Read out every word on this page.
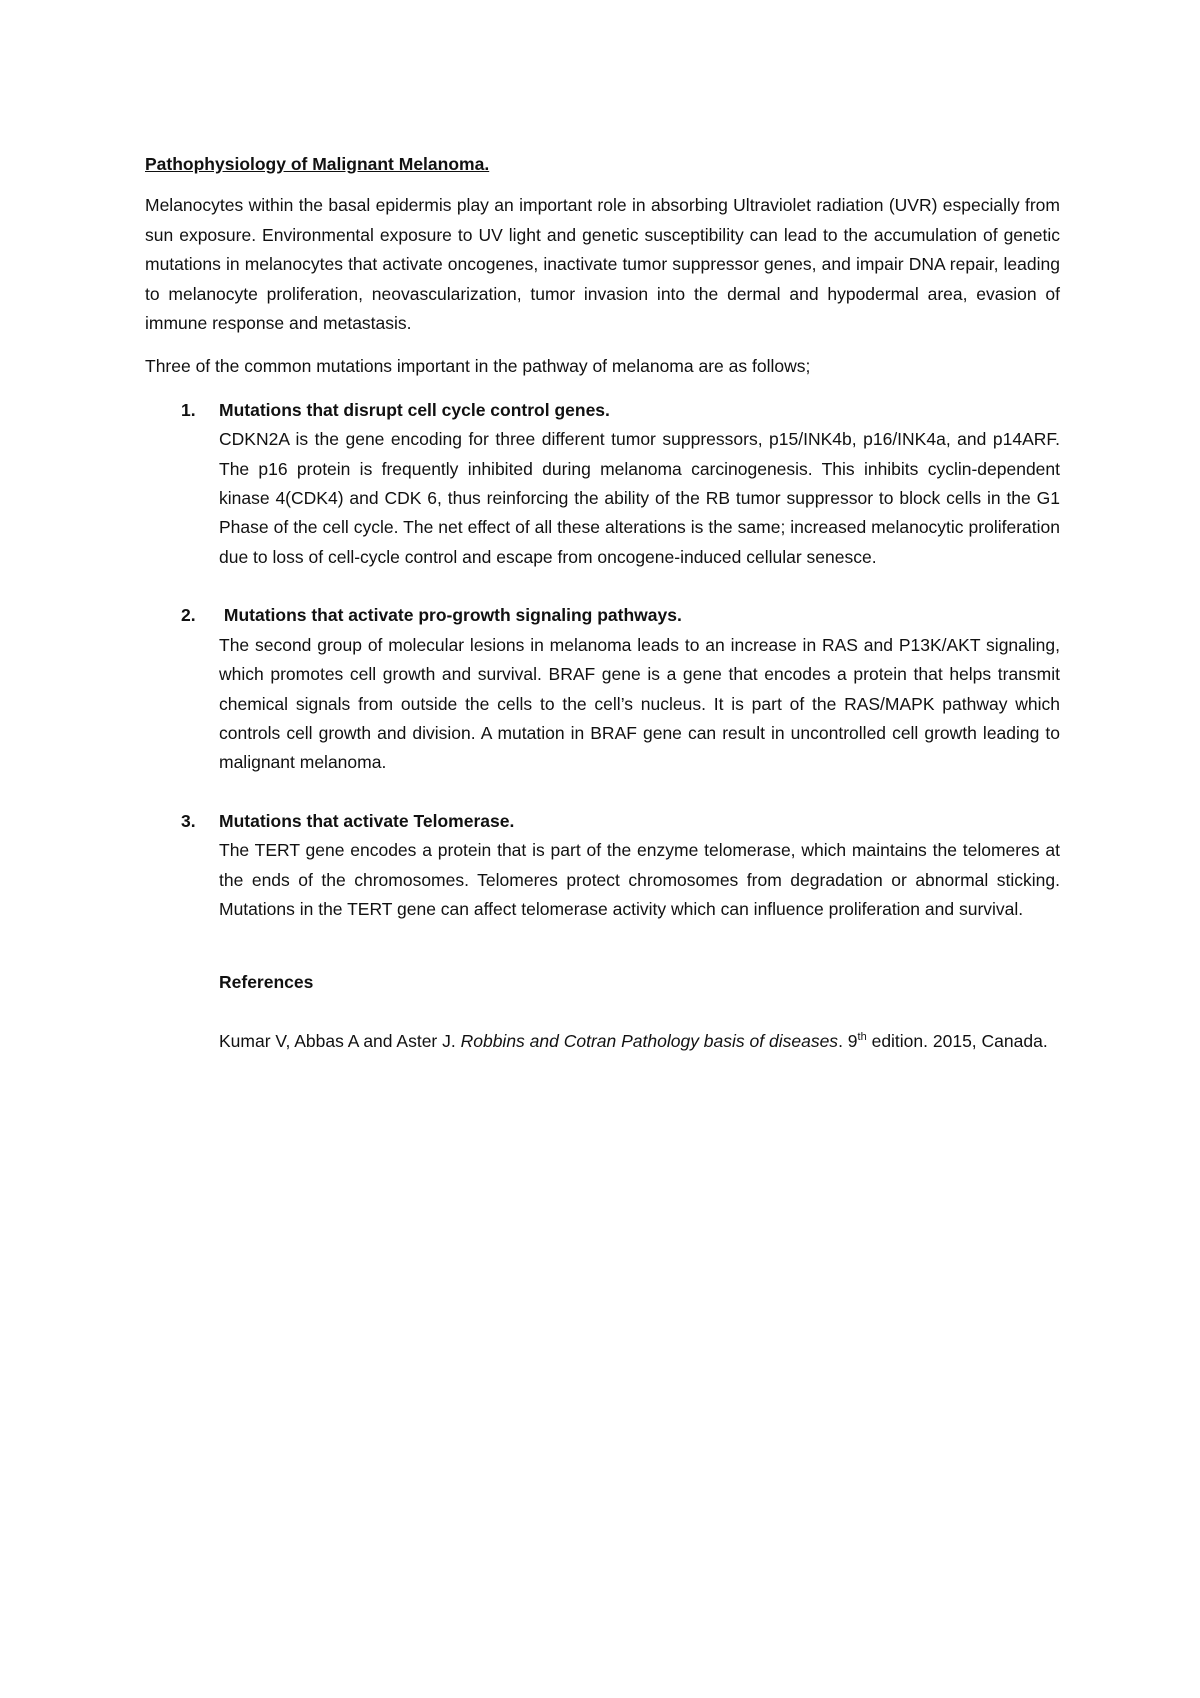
Pathophysiology of Malignant Melanoma.

Melanocytes within the basal epidermis play an important role in absorbing Ultraviolet radiation (UVR) especially from sun exposure. Environmental exposure to UV light and genetic susceptibility can lead to the accumulation of genetic mutations in melanocytes that activate oncogenes, inactivate tumor suppressor genes, and impair DNA repair, leading to melanocyte proliferation, neovascularization, tumor invasion into the dermal and hypodermal area, evasion of immune response and metastasis.

Three of the common mutations important in the pathway of melanoma are as follows;

1. Mutations that disrupt cell cycle control genes.
CDKN2A is the gene encoding for three different tumor suppressors, p15/INK4b, p16/INK4a, and p14ARF. The p16 protein is frequently inhibited during melanoma carcinogenesis. This inhibits cyclin-dependent kinase 4(CDK4) and CDK 6, thus reinforcing the ability of the RB tumor suppressor to block cells in the G1 Phase of the cell cycle. The net effect of all these alterations is the same; increased melanocytic proliferation due to loss of cell-cycle control and escape from oncogene-induced cellular senesce.
2. Mutations that activate pro-growth signaling pathways.
The second group of molecular lesions in melanoma leads to an increase in RAS and P13K/AKT signaling, which promotes cell growth and survival. BRAF gene is a gene that encodes a protein that helps transmit chemical signals from outside the cells to the cell’s nucleus. It is part of the RAS/MAPK pathway which controls cell growth and division. A mutation in BRAF gene can result in uncontrolled cell growth leading to malignant melanoma.
3. Mutations that activate Telomerase.
The TERT gene encodes a protein that is part of the enzyme telomerase, which maintains the telomeres at the ends of the chromosomes. Telomeres protect chromosomes from degradation or abnormal sticking. Mutations in the TERT gene can affect telomerase activity which can influence proliferation and survival.
References
Kumar V, Abbas A and Aster J. Robbins and Cotran Pathology basis of diseases. 9th edition. 2015, Canada.
